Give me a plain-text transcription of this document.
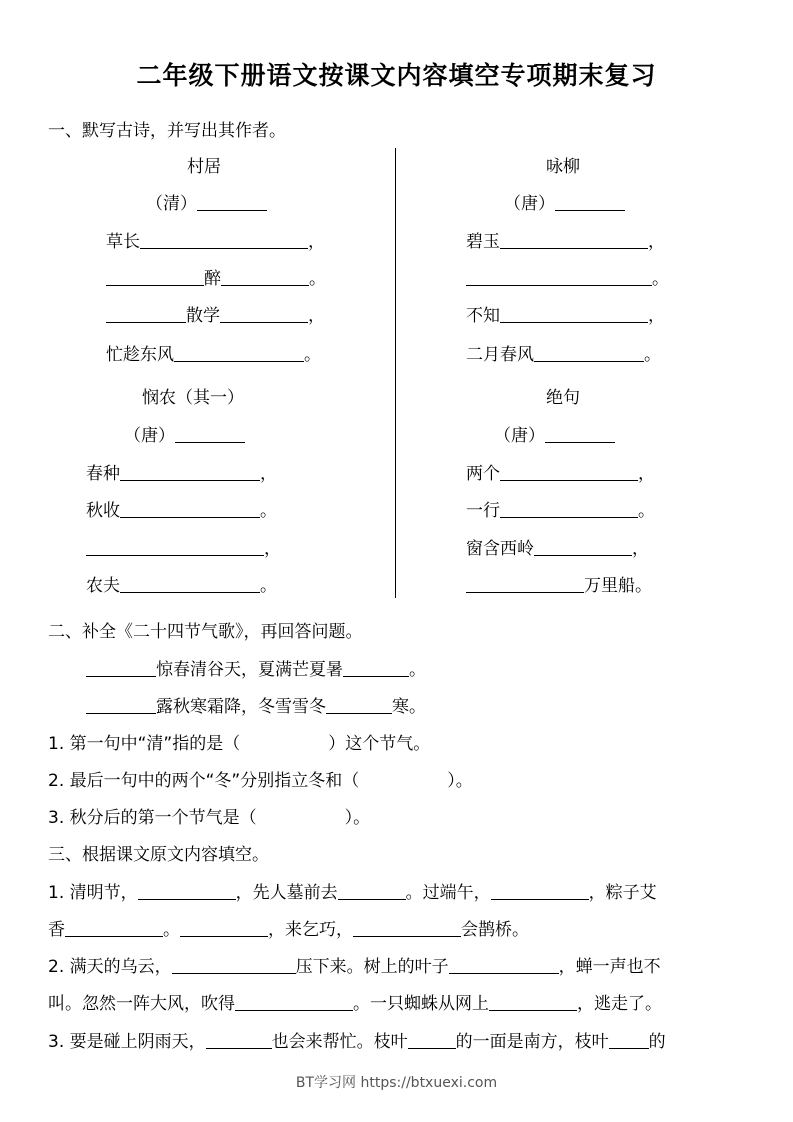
二年级下册语文按课文内容填空专项期末复习
一、默写古诗，并写出其作者。
村居
（清）
草长	，
醉	。
散学	，
忙趁东风	。
咏柳
（唐）
碧玉	，
。
不知	，
二月春风	。
悯农（其一）
（唐）
春种	，
秋收	。
，
农夫	。
绝句
（唐）
两个	，
一行	。
窗含西岭	，
万里船。
二、补全《二十四节气歌》，再回答问题。
惊春清谷天，夏满芒夏暑	。
露秋寒霜降，冬雪雪冬	寒。
1. 第一句中“清”指的是（	）这个节气。
2. 最后一句中的两个“冬”分别指立冬和（	）。
3. 秋分后的第一个节气是（	）。
三、根据课文原文内容填空。
1. 清明节，	，先人墓前去	。过端午，	，粽子艾
香	。	，来乞巧，	会鹊桥。
2. 满天的乌云，	压下来。树上的叶子	，蝉一声也不
叫。忽然一阵大风，吹得	。一只蜘蛛从网上	，逃走了。
3. 要是碰上阴雨天，	也会来帮忙。枝叶	的一面是南方，枝叶 的
BT学习网 https://btxuexi.com
